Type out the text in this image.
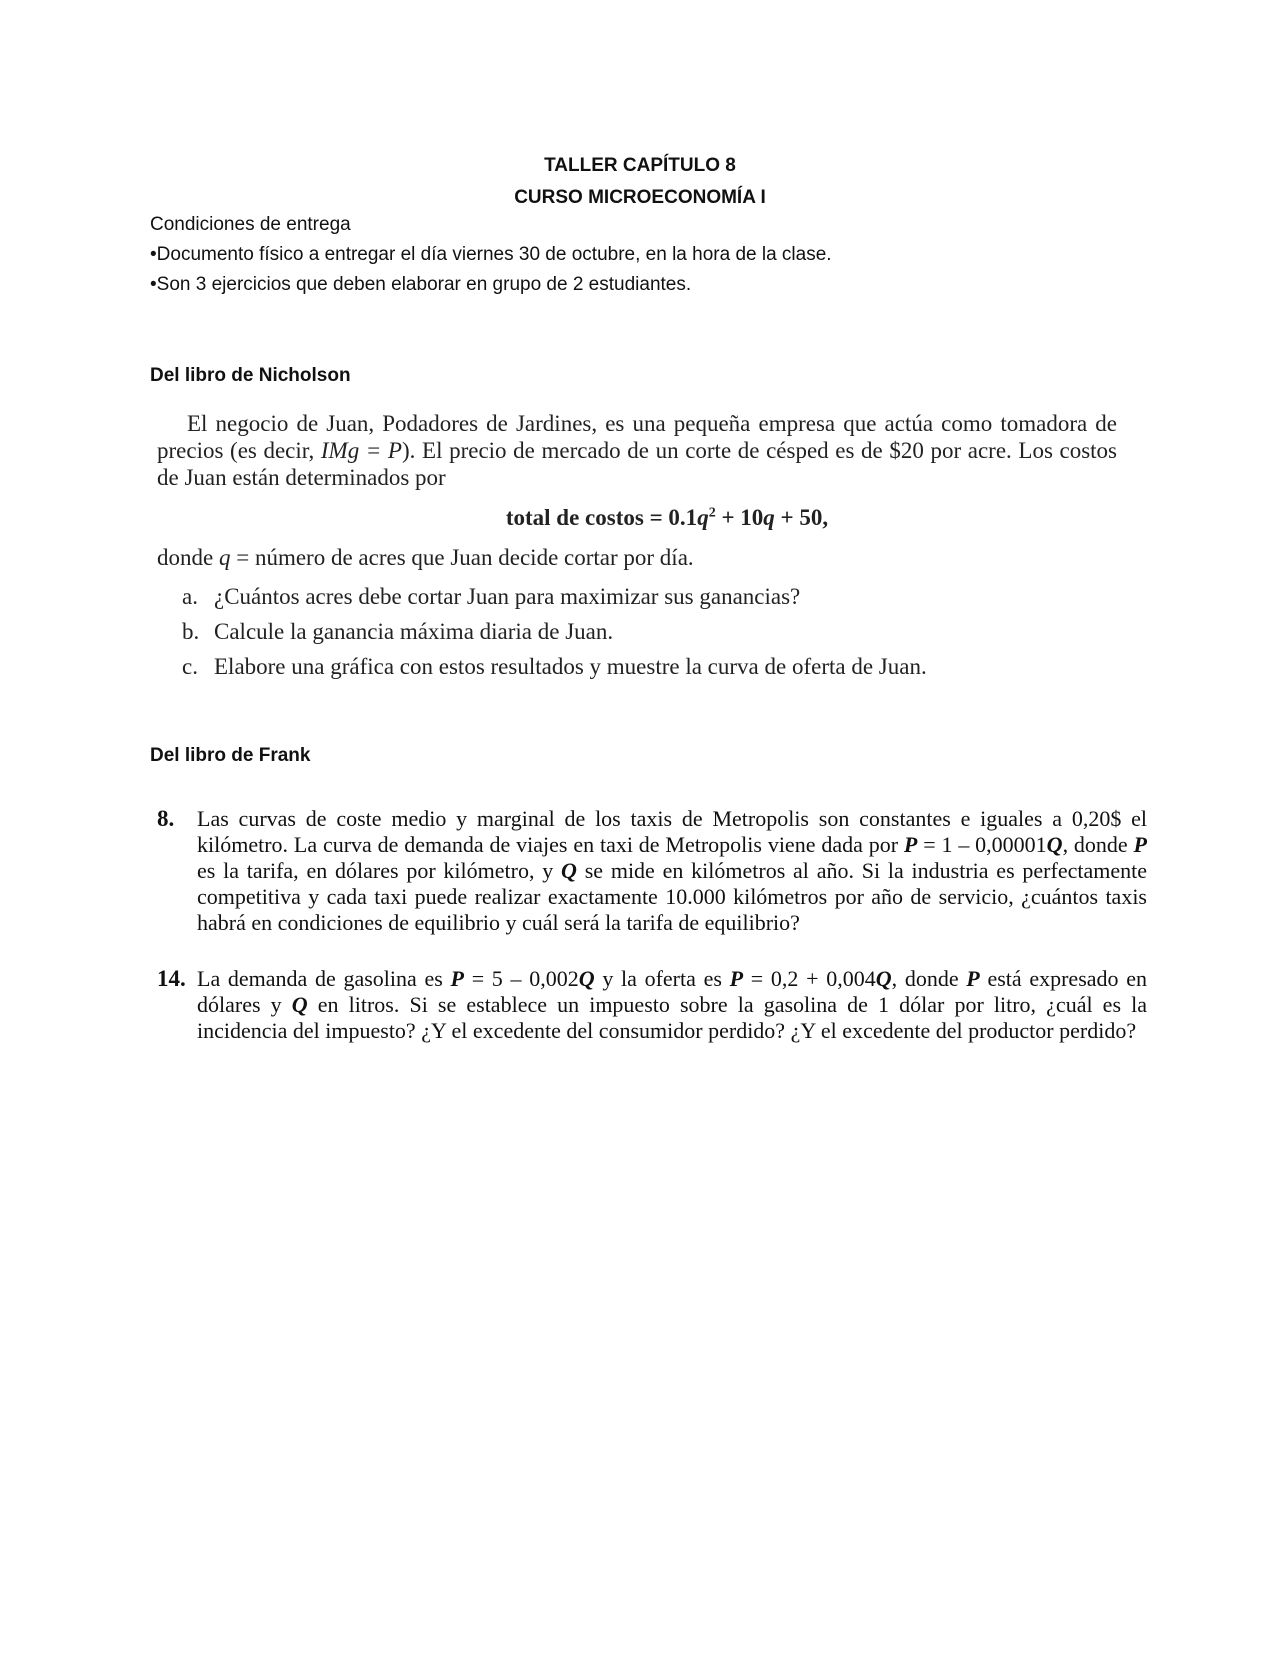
TALLER CAPÍTULO 8
CURSO MICROECONOMÍA I
Condiciones de entrega
•Documento físico a entregar el día viernes 30 de octubre, en la hora de la clase.
•Son 3 ejercicios que deben elaborar en grupo de 2 estudiantes.
Del libro de Nicholson

El negocio de Juan, Podadores de Jardines, es una pequeña empresa que actúa como tomadora de precios (es decir, IMg = P). El precio de mercado de un corte de césped es de $20 por acre. Los costos de Juan están determinados por

total de costos = $0.1q^2 + 10q + 50$,

donde q = número de acres que Juan decide cortar por día.

a. ¿Cuántos acres debe cortar Juan para maximizar sus ganancias?
b. Calcule la ganancia máxima diaria de Juan.
c. Elabore una gráfica con estos resultados y muestre la curva de oferta de Juan.
Del libro de Frank
8. Las curvas de coste medio y marginal de los taxis de Metropolis son constantes e iguales a 0,20$ el kilómetro. La curva de demanda de viajes en taxi de Metropolis viene dada por P = 1 – 0,00001Q, donde P es la tarifa, en dólares por kilómetro, y Q se mide en kilómetros al año. Si la industria es perfectamente competitiva y cada taxi puede realizar exactamente 10.000 kilómetros por año de servicio, ¿cuántos taxis habrá en condiciones de equilibrio y cuál será la tarifa de equilibrio?
14. La demanda de gasolina es P = 5 – 0,002Q y la oferta es P = 0,2 + 0,004Q, donde P está expresado en dólares y Q en litros. Si se establece un impuesto sobre la gasolina de 1 dólar por litro, ¿cuál es la incidencia del impuesto? ¿Y el excedente del consumidor perdido? ¿Y el excedente del productor perdido?
